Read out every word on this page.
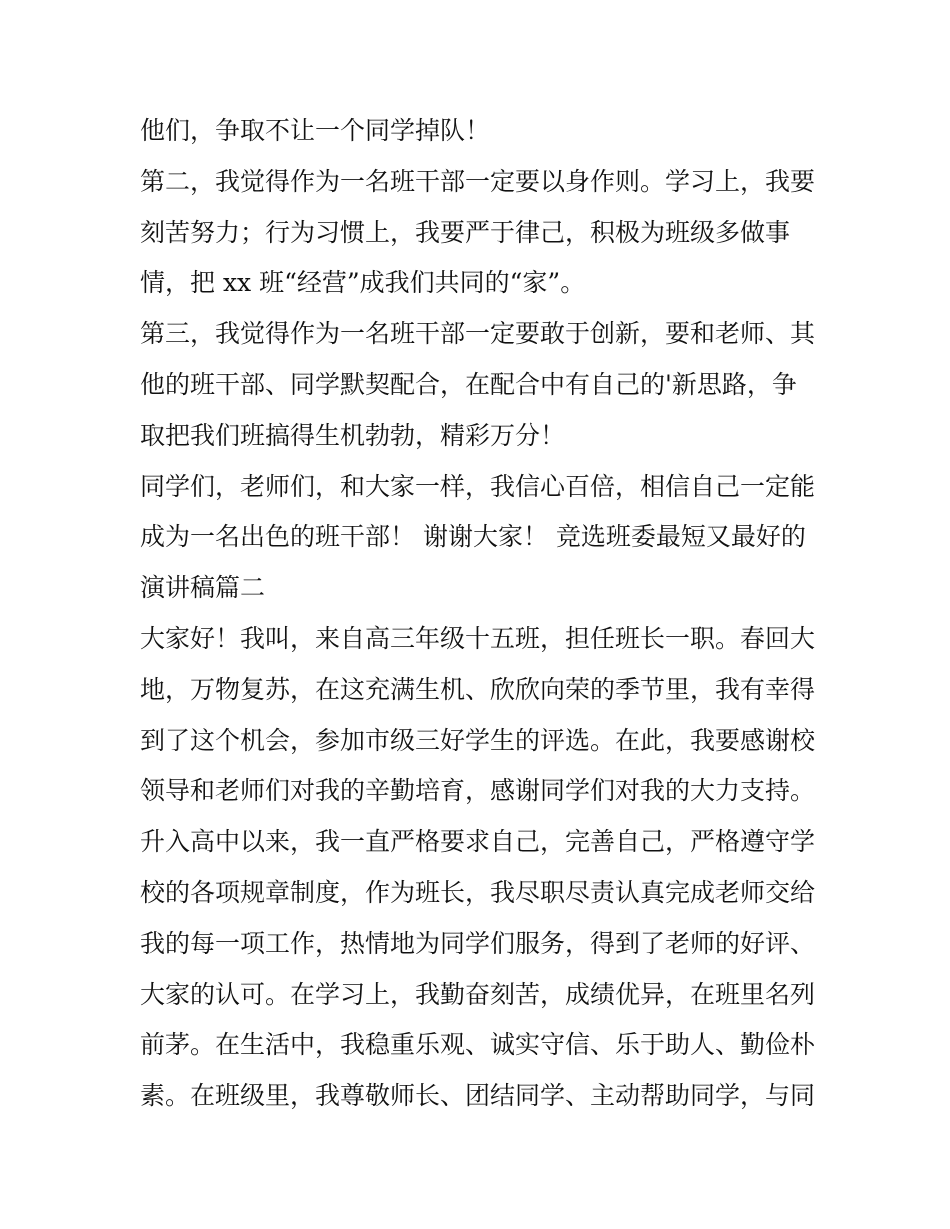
他们，争取不让一个同学掉队！
第二，我觉得作为一名班干部一定要以身作则。学习上，我要
刻苦努力；行为习惯上，我要严于律己，积极为班级多做事
情，把 xx 班“经营”成我们共同的“家”。
第三，我觉得作为一名班干部一定要敢于创新，要和老师、其
他的班干部、同学默契配合，在配合中有自己的'新思路，争
取把我们班搞得生机勃勃，精彩万分！
同学们，老师们，和大家一样，我信心百倍，相信自己一定能
成为一名出色的班干部！ 谢谢大家！ 竞选班委最短又最好的
演讲稿篇二
大家好！我叫，来自高三年级十五班，担任班长一职。春回大
地，万物复苏，在这充满生机、欣欣向荣的季节里，我有幸得
到了这个机会，参加市级三好学生的评选。在此，我要感谢校
领导和老师们对我的辛勤培育，感谢同学们对我的大力支持。
升入高中以来，我一直严格要求自己，完善自己，严格遵守学
校的各项规章制度，作为班长，我尽职尽责认真完成老师交给
我的每一项工作，热情地为同学们服务，得到了老师的好评、
大家的认可。在学习上，我勤奋刻苦，成绩优异，在班里名列
前茅。在生活中，我稳重乐观、诚实守信、乐于助人、勤俭朴
素。在班级里，我尊敬师长、团结同学、主动帮助同学，与同
